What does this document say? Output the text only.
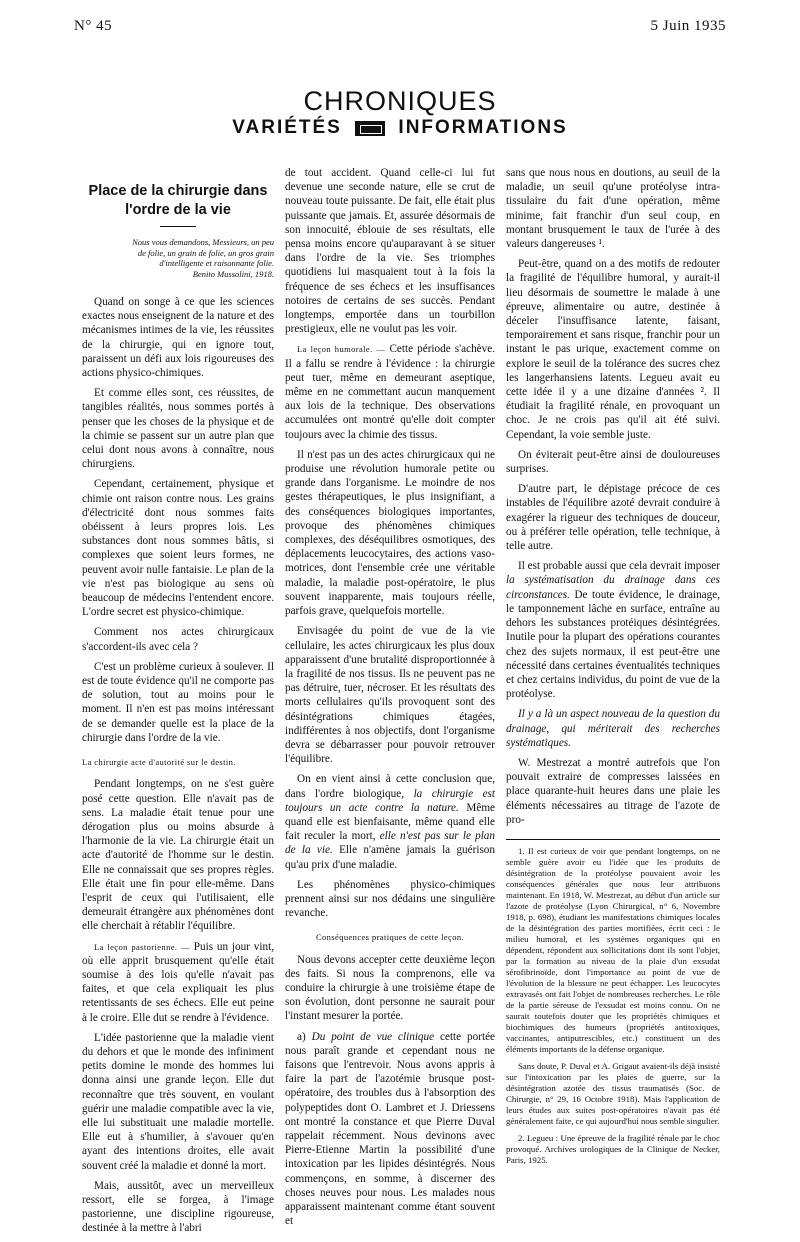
N° 45	5 Juin 1935
CHRONIQUES
VARIÉTÉS	INFORMATIONS
Place de la chirurgie dans l'ordre de la vie
Nous vous demandons, Messieurs, un peu de folie, un grain de folie, un gros grain d'intelligente et raisonnante folie.
Benito Mussolini, 1918.

Quand on songe à ce que les sciences exactes nous enseignent de la nature et des mécanismes intimes de la vie, les réussites de la chirurgie, qui en ignore tout, paraissent un défi aux lois rigoureuses des actions physico-chimiques.

Et comme elles sont, ces réussites, de tangibles réalités, nous sommes portés à penser que les choses de la physique et de la chimie se passent sur un autre plan que celui dont nous avons à connaître, nous chirurgiens.

Cependant, certainement, physique et chimie ont raison contre nous. Les grains d'électricité dont nous sommes faits obéissent à leurs propres lois. Les substances dont nous sommes bâtis, si complexes que soient leurs formes, ne peuvent avoir nulle fantaisie. Le plan de la vie n'est pas biologique au sens où beaucoup de médecins l'entendent encore. L'ordre secret est physico-chimique.

Comment nos actes chirurgicaux s'accordent-ils avec cela ?

C'est un problème curieux à soulever. Il est de toute évidence qu'il ne comporte pas de solution, tout au moins pour le moment. Il n'en est pas moins intéressant de se demander quelle est la place de la chirurgie dans l'ordre de la vie.

La chirurgie acte d'autorité sur le destin.

Pendant longtemps, on ne s'est guère posé cette question. Elle n'avait pas de sens. La maladie était tenue pour une dérogation plus ou moins absurde à l'harmonie de la vie. La chirurgie était un acte d'autorité de l'homme sur le destin. Elle ne connaissait que ses propres règles. Elle était une fin pour elle-même. Dans l'esprit de ceux qui l'utilisaient, elle demeurait étrangère aux phénomènes dont elle cherchait à rétablir l'équilibre.

La leçon pastorienne. — Puis un jour vint, où elle apprit brusquement qu'elle était soumise à des lois qu'elle n'avait pas faites, et que cela expliquait les plus retentissants de ses échecs. Elle eut peine à le croire. Elle dut se rendre à l'évidence.

L'idée pastorienne que la maladie vient du dehors et que le monde des infiniment petits domine le monde des hommes lui donna ainsi une grande leçon. Elle dut reconnaître que très souvent, en voulant guérir une maladie compatible avec la vie, elle lui substituait une maladie mortelle. Elle eut à s'humilier, à s'avouer qu'en ayant des intentions droites, elle avait souvent créé la maladie et donné la mort.

Mais, aussitôt, avec un merveilleux ressort, elle se forgea, à l'image pastorienne, une discipline rigoureuse, destinée à la mettre à l'abri

de tout accident. Quand celle-ci lui fut devenue une seconde nature, elle se crut de nouveau toute puissante. De fait, elle était plus puissante que jamais. Et, assurée désormais de son innocuité, éblouie de ses résultats, elle pensa moins encore qu'auparavant à se situer dans l'ordre de la vie. Ses triomphes quotidiens lui masquaient tout à la fois la fréquence de ses échecs et les insuffisances notoires de certains de ses succès. Pendant longtemps, emportée dans un tourbillon prestigieux, elle ne voulut pas les voir.

La leçon humorale. — Cette période s'achève. Il a fallu se rendre à l'évidence : la chirurgie peut tuer, même en demeurant aseptique, même en ne commettant aucun manquement aux lois de la technique. Des observations accumulées ont montré qu'elle doit compter toujours avec la chimie des tissus.

Il n'est pas un des actes chirurgicaux qui ne produise une révolution humorale petite ou grande dans l'organisme. Le moindre de nos gestes thérapeutiques, le plus insignifiant, a des conséquences biologiques importantes, provoque des phénomènes chimiques complexes, des déséquilibres osmotiques, des déplacements leucocytaires, des actions vaso-motrices, dont l'ensemble crée une véritable maladie, la maladie post-opératoire, le plus souvent inapparente, mais toujours réelle, parfois grave, quelquefois mortelle.

Envisagée du point de vue de la vie cellulaire, les actes chirurgicaux les plus doux apparaissent d'une brutalité disproportionnée à la fragilité de nos tissus. Ils ne peuvent pas ne pas détruire, tuer, nécroser. Et les résultats des morts cellulaires qu'ils provoquent sont des désintégrations chimiques étagées, indifférentes à nos objectifs, dont l'organisme devra se débarrasser pour pouvoir retrouver l'équilibre.

On en vient ainsi à cette conclusion que, dans l'ordre biologique, la chirurgie est toujours un acte contre la nature. Même quand elle est bienfaisante, même quand elle fait reculer la mort, elle n'est pas sur le plan de la vie. Elle n'amène jamais la guérison qu'au prix d'une maladie.

Les phénomènes physico-chimiques prennent ainsi sur nos dédains une singulière revanche.

Conséquences pratiques de cette leçon.

Nous devons accepter cette deuxième leçon des faits. Si nous la comprenons, elle va conduire la chirurgie à une troisième étape de son évolution, dont personne ne saurait pour l'instant mesurer la portée.

a) Du point de vue clinique cette portée nous paraît grande et cependant nous ne faisons que l'entrevoir. Nous avons appris à faire la part de l'azotémie brusque post-opératoire, des troubles dus à l'absorption des polypeptides dont O. Lambret et J. Driessens ont montré la constance et que Pierre Duval rappelait récemment. Nous devinons avec Pierre-Etienne Martin la possibilité d'une intoxication par les lipides désintégrés. Nous commençons, en somme, à discerner des choses neuves pour nous. Les malades nous apparaissent maintenant comme étant souvent et

sans que nous nous en doutions, au seuil de la maladie, un seuil qu'une protéolyse intra-tissulaire du fait d'une opération, même minime, fait franchir d'un seul coup, en montant brusquement le taux de l'urée à des valeurs dangereuses ¹.

Peut-être, quand on a des motifs de redouter la fragilité de l'équilibre humoral, y aurait-il lieu désormais de soumettre le malade à une épreuve, alimentaire ou autre, destinée à déceler l'insuffisance latente, faisant, temporairement et sans risque, franchir pour un instant le pas urique, exactement comme on explore le seuil de la tolérance des sucres chez les langerhansiens latents. Legueu avait eu cette idée il y a une dizaine d'années ². Il étudiait la fragilité rénale, en provoquant un choc. Je ne crois pas qu'il ait été suivi. Cependant, la voie semble juste.

On éviterait peut-être ainsi de douloureuses surprises.

D'autre part, le dépistage précoce de ces instables de l'équilibre azoté devrait conduire à exagérer la rigueur des techniques de douceur, ou à préférer telle opération, telle technique, à telle autre.

Il est probable aussi que cela devrait imposer la systématisation du drainage dans ces circonstances. De toute évidence, le drainage, le tamponnement lâche en surface, entraîne au dehors les substances protéiques désintégrées. Inutile pour la plupart des opérations courantes chez des sujets normaux, il est peut-être une nécessité dans certaines éventualités techniques et chez certains individus, du point de vue de la protéolyse.

Il y a là un aspect nouveau de la question du drainage, qui mériterait des recherches systématiques.

W. Mestrezat a montré autrefois que l'on pouvait extraire de compresses laissées en place quarante-huit heures dans une plaie les éléments nécessaires au titrage de l'azote de pro-

1. Il est curieux de voir que pendant longtemps, on ne semble guère avoir eu l'idée que les produits de désintégration de la protéolyse pouvaient avoir les conséquences générales que nous leur attribuons maintenant. En 1918, W. Mestrezat, au début d'un article sur l'azote de protéolyse (Lyon Chirurgical, n° 6, Novembre 1918, p. 698), étudiant les manifestations chimiques locales de la désintégration des parties mortifiées, écrit ceci : le milieu humoral, et les systèmes organiques qui en dépendent, répondent aux sollicitations dont ils sont l'objet, par la formation au niveau de la plaie d'un exsudat sérofibrinoïde, dont l'importance au point de vue de l'évolution de la blessure ne peut échapper. Les leucocytes extravasés ont fait l'objet de nombreuses recherches. Le rôle de la partie séreuse de l'exsudat est moins connu. On ne saurait toutefois douter que les propriétés chimiques et biochimiques des humeurs (propriétés antitoxiques, vaccinantes, antiputrescibles, etc.) constituent un des éléments importants de la défense organique.

Sans doute, P. Duval et A. Grigaut avaient-ils déjà insisté sur l'intoxication par les plaies de guerre, sur la désintégration azotée des tissus traumatisés (Soc. de Chirurgie, n° 29, 16 Octobre 1918). Mais l'application de leurs études aux suites post-opératoires n'avait pas été généralement faite, ce qui aujourd'hui nous semble singulier.

2. Legueu : Une épreuve de la fragilité rénale par le choc provoqué. Archives urologiques de la Clinique de Necker, Paris, 1925.
